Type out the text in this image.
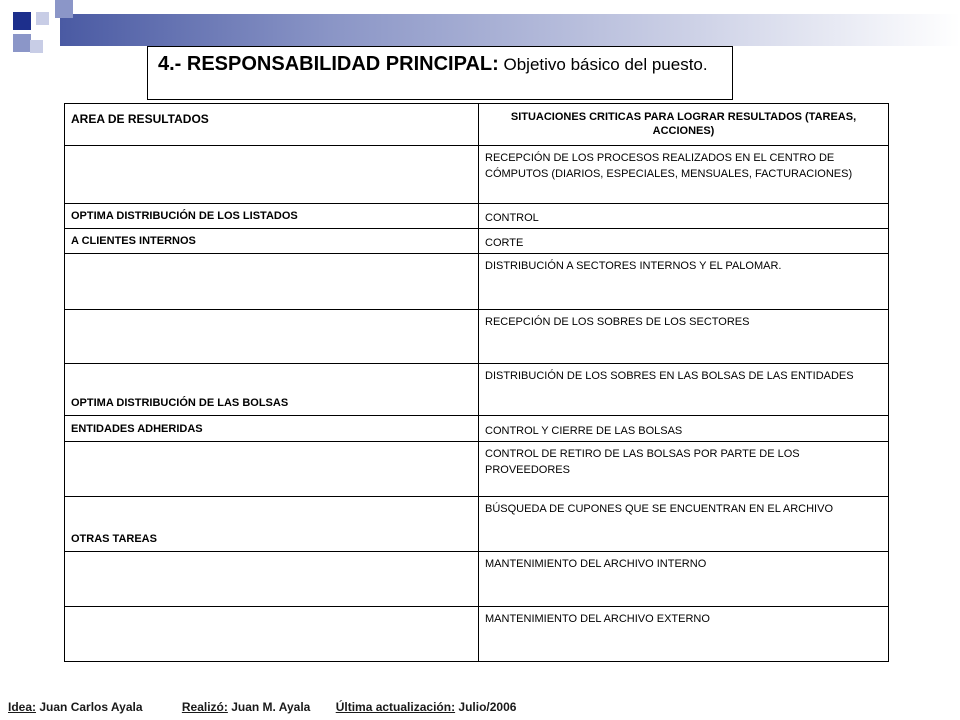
4.- RESPONSABILIDAD PRINCIPAL: Objetivo básico del puesto.
AREA DE RESULTADOS	SITUACIONES CRITICAS PARA LOGRAR RESULTADOS (TAREAS, ACCIONES)
	RECEPCIÓN DE LOS PROCESOS REALIZADOS EN EL CENTRO DE CÓMPUTOS (DIARIOS, ESPECIALES, MENSUALES, FACTURACIONES)
OPTIMA DISTRIBUCIÓN DE LOS LISTADOS	CONTROL
A CLIENTES INTERNOS	CORTE
	DISTRIBUCIÓN A SECTORES INTERNOS Y EL PALOMAR.
	RECEPCIÓN DE LOS SOBRES DE LOS SECTORES
OPTIMA DISTRIBUCIÓN DE LAS BOLSAS	DISTRIBUCIÓN DE LOS SOBRES EN LAS BOLSAS DE LAS ENTIDADES
ENTIDADES ADHERIDAS	CONTROL Y CIERRE DE LAS BOLSAS
	CONTROL DE RETIRO DE LAS BOLSAS POR PARTE DE LOS PROVEEDORES
OTRAS TAREAS	BÚSQUEDA DE CUPONES QUE SE ENCUENTRAN EN EL ARCHIVO
	MANTENIMIENTO DEL ARCHIVO INTERNO
	MANTENIMIENTO DEL ARCHIVO EXTERNO
Idea: Juan Carlos Ayala	Realizó: Juan M. Ayala Última actualización: Julio/2006
